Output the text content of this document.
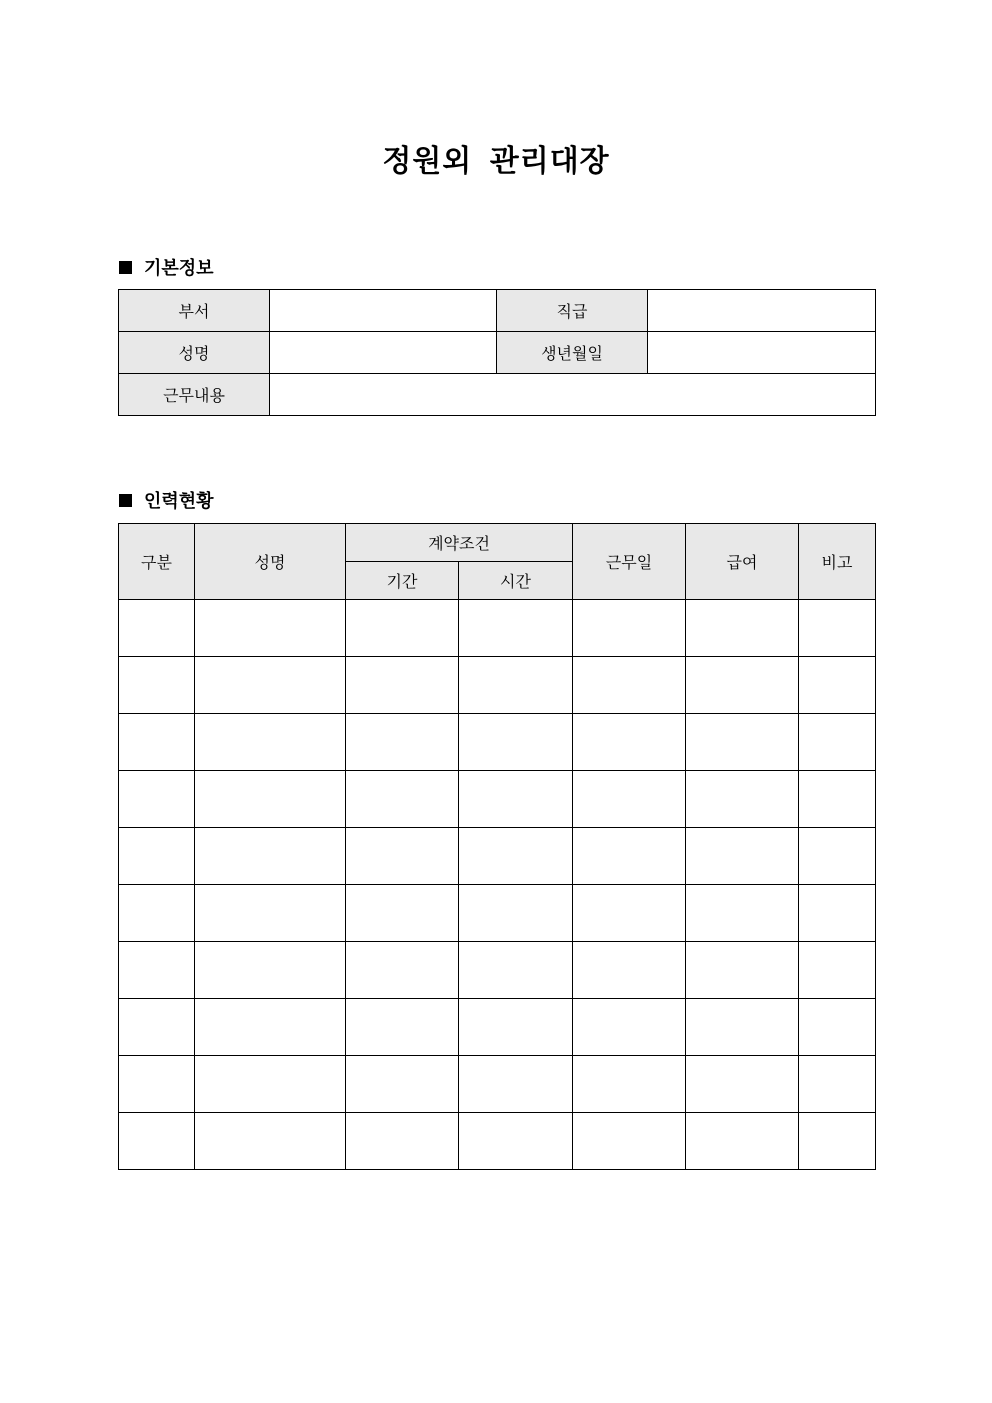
정원외 관리대장
기본정보
부서		직급	
성명		생년월일	
근무내용			
인력현황
구분	성명	계약조건		근무일	급여	비고
		기간	시간			
